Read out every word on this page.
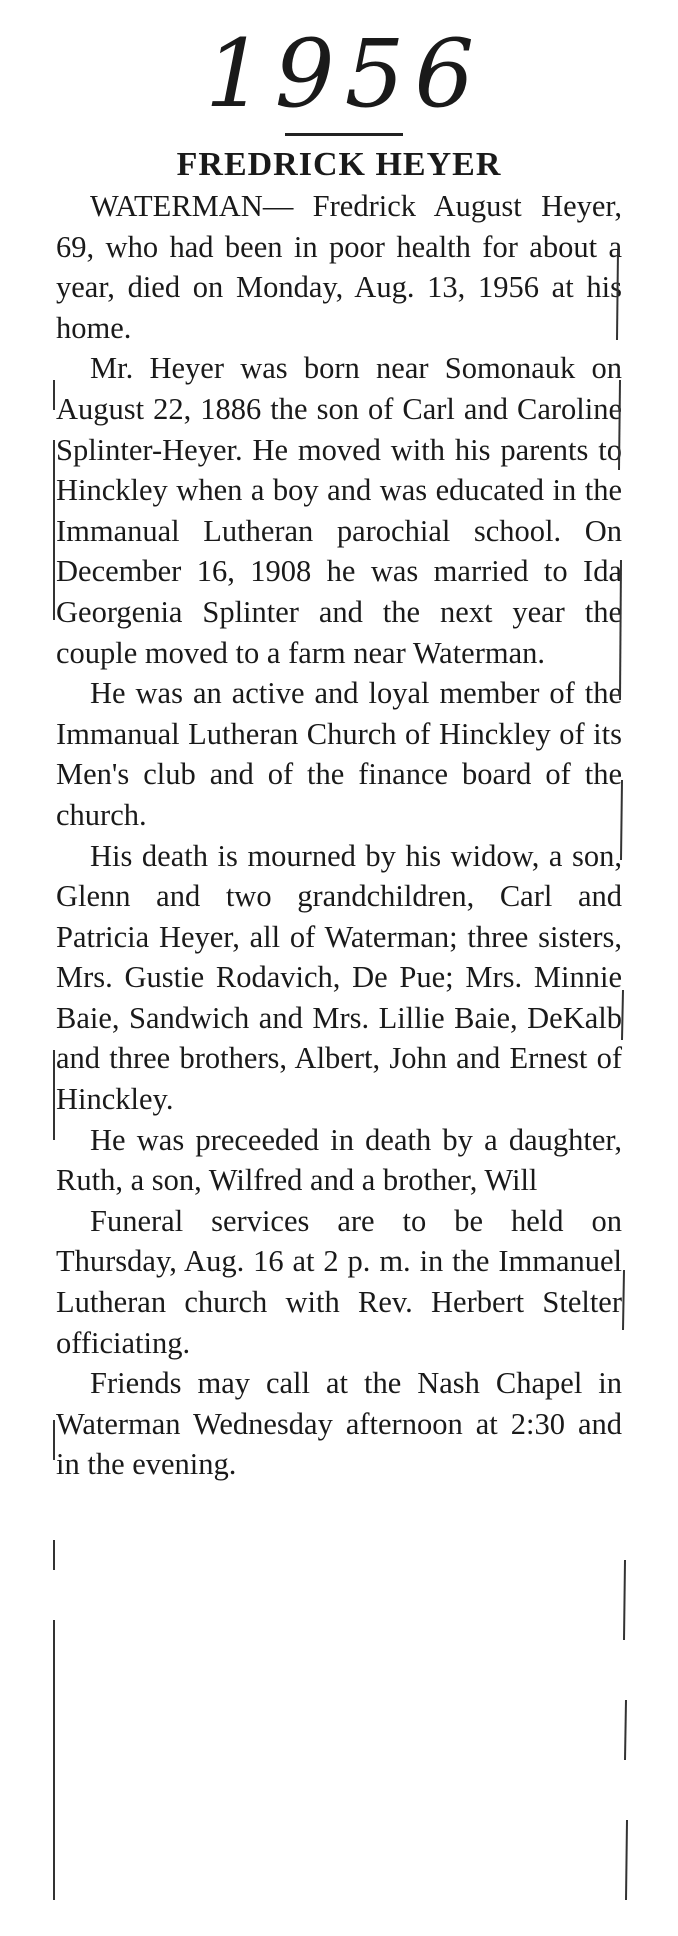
1956
FREDRICK HEYER

WATERMAN— Fredrick August Heyer, 69, who had been in poor health for about a year, died on Monday, Aug. 13, 1956 at his home.

Mr. Heyer was born near Somonauk on August 22, 1886 the son of Carl and Caroline Splinter-Heyer. He moved with his parents to Hinckley when a boy and was educated in the Immanual Lutheran parochial school. On December 16, 1908 he was married to Ida Georgenia Splinter and the next year the couple moved to a farm near Waterman.

He was an active and loyal member of the Immanual Lutheran Church of Hinckley of its Men's club and of the finance board of the church.

His death is mourned by his widow, a son, Glenn and two grandchildren, Carl and Patricia Heyer, all of Waterman; three sisters, Mrs. Gustie Rodavich, De Pue; Mrs. Minnie Baie, Sandwich and Mrs. Lillie Baie, DeKalb and three brothers, Albert, John and Ernest of Hinckley.

He was preceeded in death by a daughter, Ruth, a son, Wilfred and a brother, Will

Funeral services are to be held on Thursday, Aug. 16 at 2 p. m. in the Immanuel Lutheran church with Rev. Herbert Stelter officiating.

Friends may call at the Nash Chapel in Waterman Wednesday afternoon at 2:30 and in the evening.
